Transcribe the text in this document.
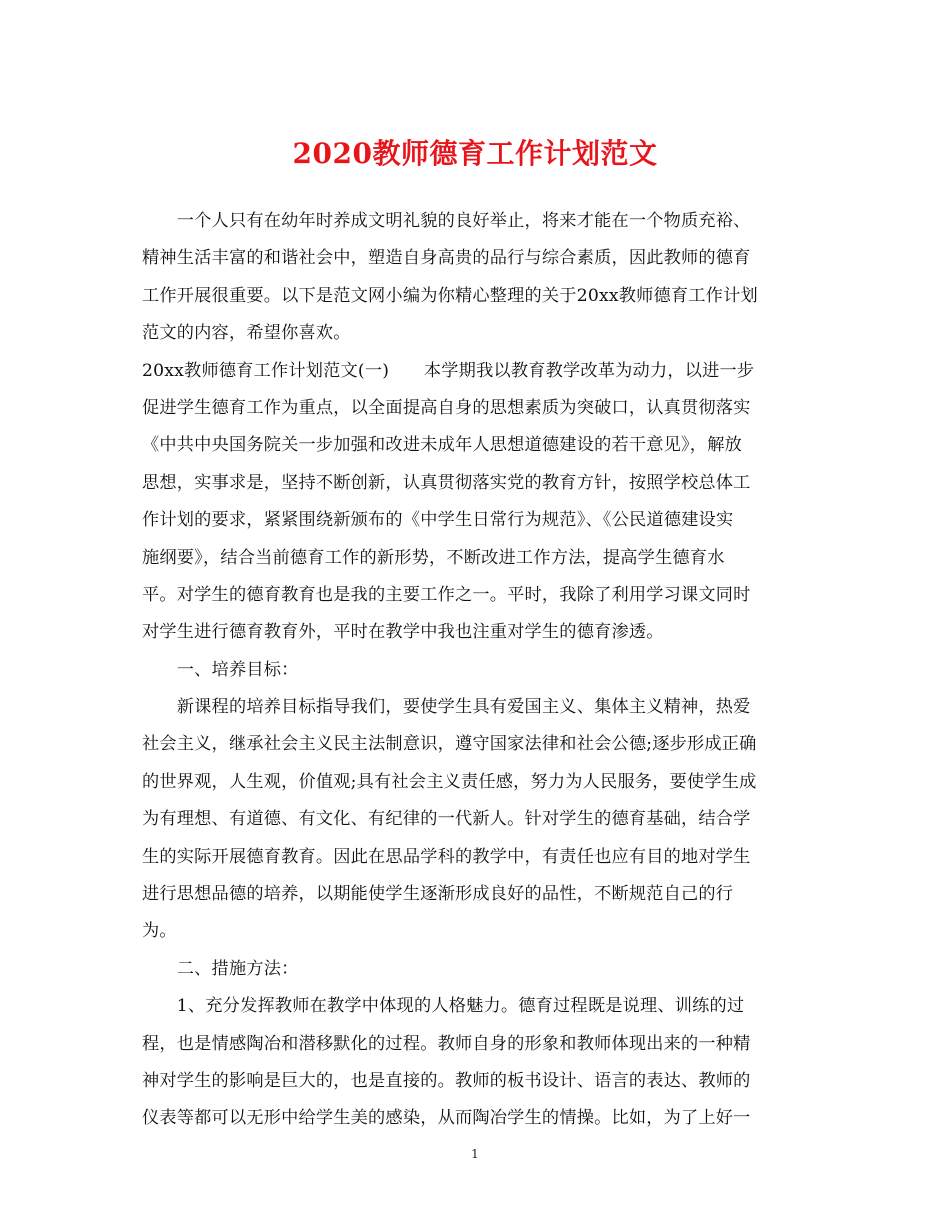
2020教师德育工作计划范文
　　一个人只有在幼年时养成文明礼貌的良好举止，将来才能在一个物质充裕、
精神生活丰富的和谐社会中，塑造自身高贵的品行与综合素质，因此教师的德育
工作开展很重要。以下是范文网小编为你精心整理的关于20xx教师德育工作计划
范文的内容，希望你喜欢。
20xx教师德育工作计划范文(一)　　本学期我以教育教学改革为动力，以进一步
促进学生德育工作为重点，以全面提高自身的思想素质为突破口，认真贯彻落实
《中共中央国务院关一步加强和改进未成年人思想道德建设的若干意见》，解放
思想，实事求是，坚持不断创新，认真贯彻落实党的教育方针，按照学校总体工
作计划的要求，紧紧围绕新颁布的《中学生日常行为规范》、《公民道德建设实
施纲要》，结合当前德育工作的新形势，不断改进工作方法，提高学生德育水
平。对学生的德育教育也是我的主要工作之一。平时，我除了利用学习课文同时
对学生进行德育教育外，平时在教学中我也注重对学生的德育渗透。
　　一、培养目标：
　　新课程的培养目标指导我们，要使学生具有爱国主义、集体主义精神，热爱
社会主义，继承社会主义民主法制意识，遵守国家法律和社会公德;逐步形成正确
的世界观，人生观，价值观;具有社会主义责任感，努力为人民服务，要使学生成
为有理想、有道德、有文化、有纪律的一代新人。针对学生的德育基础，结合学
生的实际开展德育教育。因此在思品学科的教学中，有责任也应有目的地对学生
进行思想品德的培养，以期能使学生逐渐形成良好的品性，不断规范自己的行
为。
　　二、措施方法：
　　1、充分发挥教师在教学中体现的人格魅力。德育过程既是说理、训练的过
程，也是情感陶冶和潜移默化的过程。教师自身的形象和教师体现出来的一种精
神对学生的影响是巨大的，也是直接的。教师的板书设计、语言的表达、教师的
仪表等都可以无形中给学生美的感染，从而陶冶学生的情操。比如，为了上好一
1
